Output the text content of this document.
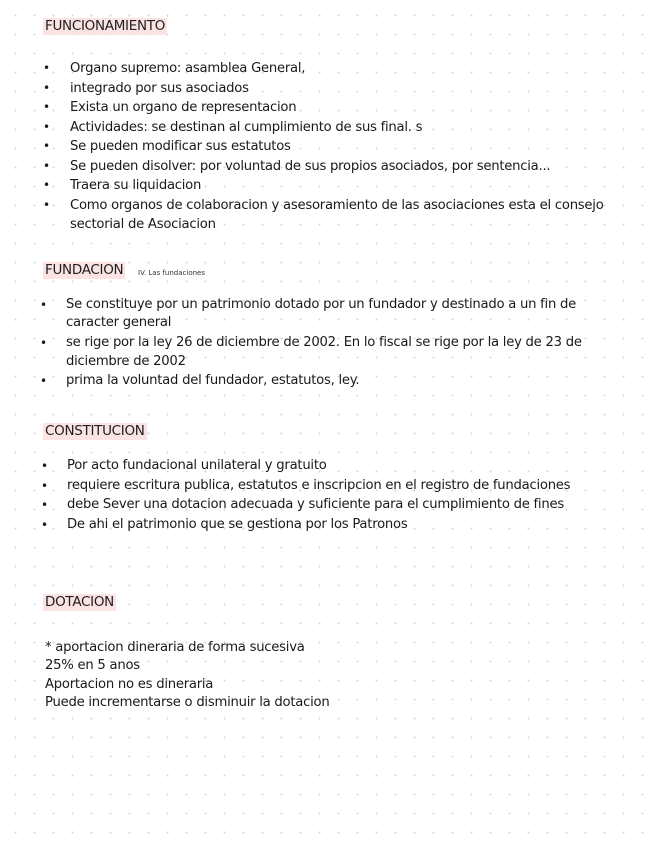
FUNCIONAMIENTO
• Organo supremo: asamblea General,
• integrado por sus asociados
• Exista un organo de representacion
• Actividades: se destinan al cumplimiento de sus final. s
• Se pueden modificar sus estatutos
• Se pueden disolver: por voluntad de sus propios asociados, por sentencia...
• Traera su liquidacion
• Como organos de colaboracion y asesoramiento de las asociaciones esta el consejo sectorial de Asociacion
FUNDACION IV. Las fundaciones
• Se constituye por un patrimonio dotado por un fundador y destinado a un fin de caracter general
• se rige por la ley 26 de diciembre de 2002. En lo fiscal se rige por la ley de 23 de diciembre de 2002
• prima la voluntad del fundador, estatutos, ley.
CONSTITUCION
• Por acto fundacional unilateral y gratuito
• requiere escritura publica, estatutos e inscripcion en el registro de fundaciones
• debe Sever una dotacion adecuada y suficiente para el cumplimiento de fines
• De ahi el patrimonio que se gestiona por los Patronos
DOTACION
* aportacion dineraria de forma sucesiva
25% en 5 anos
Aportacion no es dineraria
Puede incrementarse o disminuir la dotacion
